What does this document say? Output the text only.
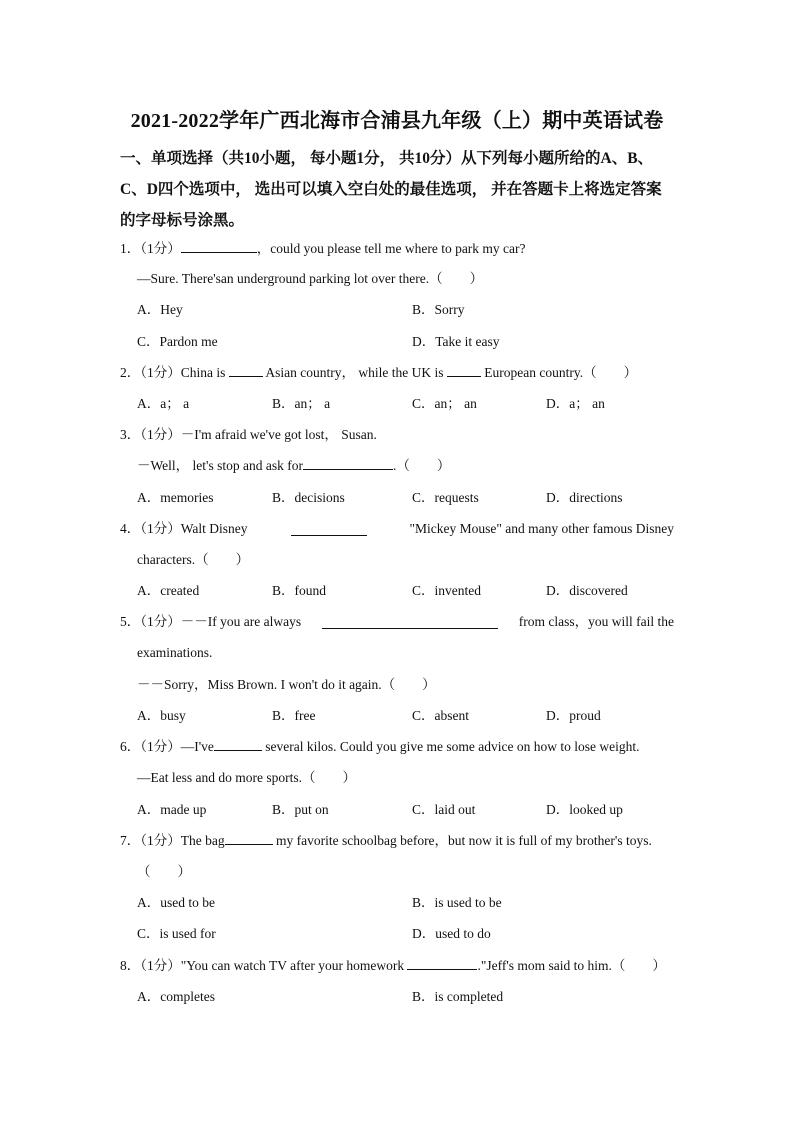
2021-2022学年广西北海市合浦县九年级（上）期中英语试卷
一、单项选择（共10小题， 每小题1分， 共10分）从下列每小题所给的A、B、C、D四个选项中， 选出可以填入空白处的最佳选项， 并在答题卡上将选定答案的字母标号涂黑。
1．（1分）	，could you please tell me where to park my car?
—Sure. There'san underground parking lot over there.（　　）
A．Hey	B．Sorry
C．Pardon me	D．Take it easy
2．（1分）China is	Asian country， while the UK is	European country.（　　）
A．a； a	B．an； a	C．an； an	D．a； an
3．（1分）－I'm afraid we've got lost， Susan.
－Well， let's stop and ask for	.（　　）
A．memories	B．decisions	C．requests	D．directions
4．（1分）Walt Disney	"Mickey Mouse" and many other famous Disney
characters.（　　）
A．created	B．found	C．invented	D．discovered
5．（1分）－－If you are always	from class，you will fail the
examinations.
－－Sorry，Miss Brown. I won't do it again.（　　）
A．busy	B．free	C．absent	D．proud
6．（1分）—I've	several kilos. Could you give me some advice on how to lose weight.
—Eat less and do more sports.（　　）
A．made up	B．put on	C．laid out	D．looked up
7．（1分）The bag	my favorite schoolbag before，but now it is full of my brother's toys.
（　　）
A．used to be	B．is used to be
C．is used for	D．used to do
8．（1分）"You can watch TV after your homework	."Jeff's mom said to him.（　　）
A．completes	B．is completed
